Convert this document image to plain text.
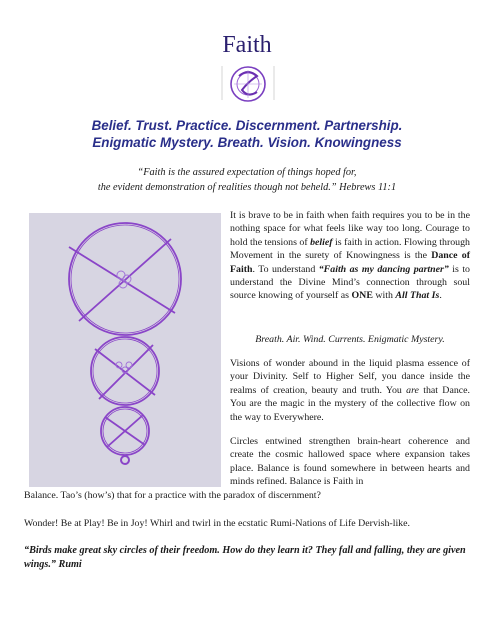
Faith
Belief. Trust. Practice. Discernment. Partnership.
Enigmatic Mystery. Breath. Vision. Knowingness
“Faith is the assured expectation of things hoped for,
the evident demonstration of realities though not beheld.” Hebrews 11:1
It is brave to be in faith when faith requires you to be in the nothing space for what feels like way too long. Courage to hold the tensions of belief is faith in action. Flowing through Movement in the surety of Knowingness is the Dance of Faith. To understand “Faith as my dancing partner” is to understand the Divine Mind’s connection through soul source knowing of yourself as ONE with All That Is.
Breath. Air. Wind. Currents. Enigmatic Mystery.
Visions of wonder abound in the liquid plasma essence of your Divinity. Self to Higher Self, you dance inside the realms of creation, beauty and truth. You are that Dance. You are the magic in the mystery of the collective flow on the way to Everywhere.
Circles entwined strengthen brain-heart coherence and create the cosmic hallowed space where expansion takes place. Balance is found somewhere in between hearts and minds refined. Balance is Faith in
Balance. Tao’s (how’s) that for a practice with the paradox of discernment?
Wonder! Be at Play! Be in Joy! Whirl and twirl in the ecstatic Rumi-Nations of Life Dervish-like.
“Birds make great sky circles of their freedom. How do they learn it? They fall and falling, they are given wings.” Rumi
